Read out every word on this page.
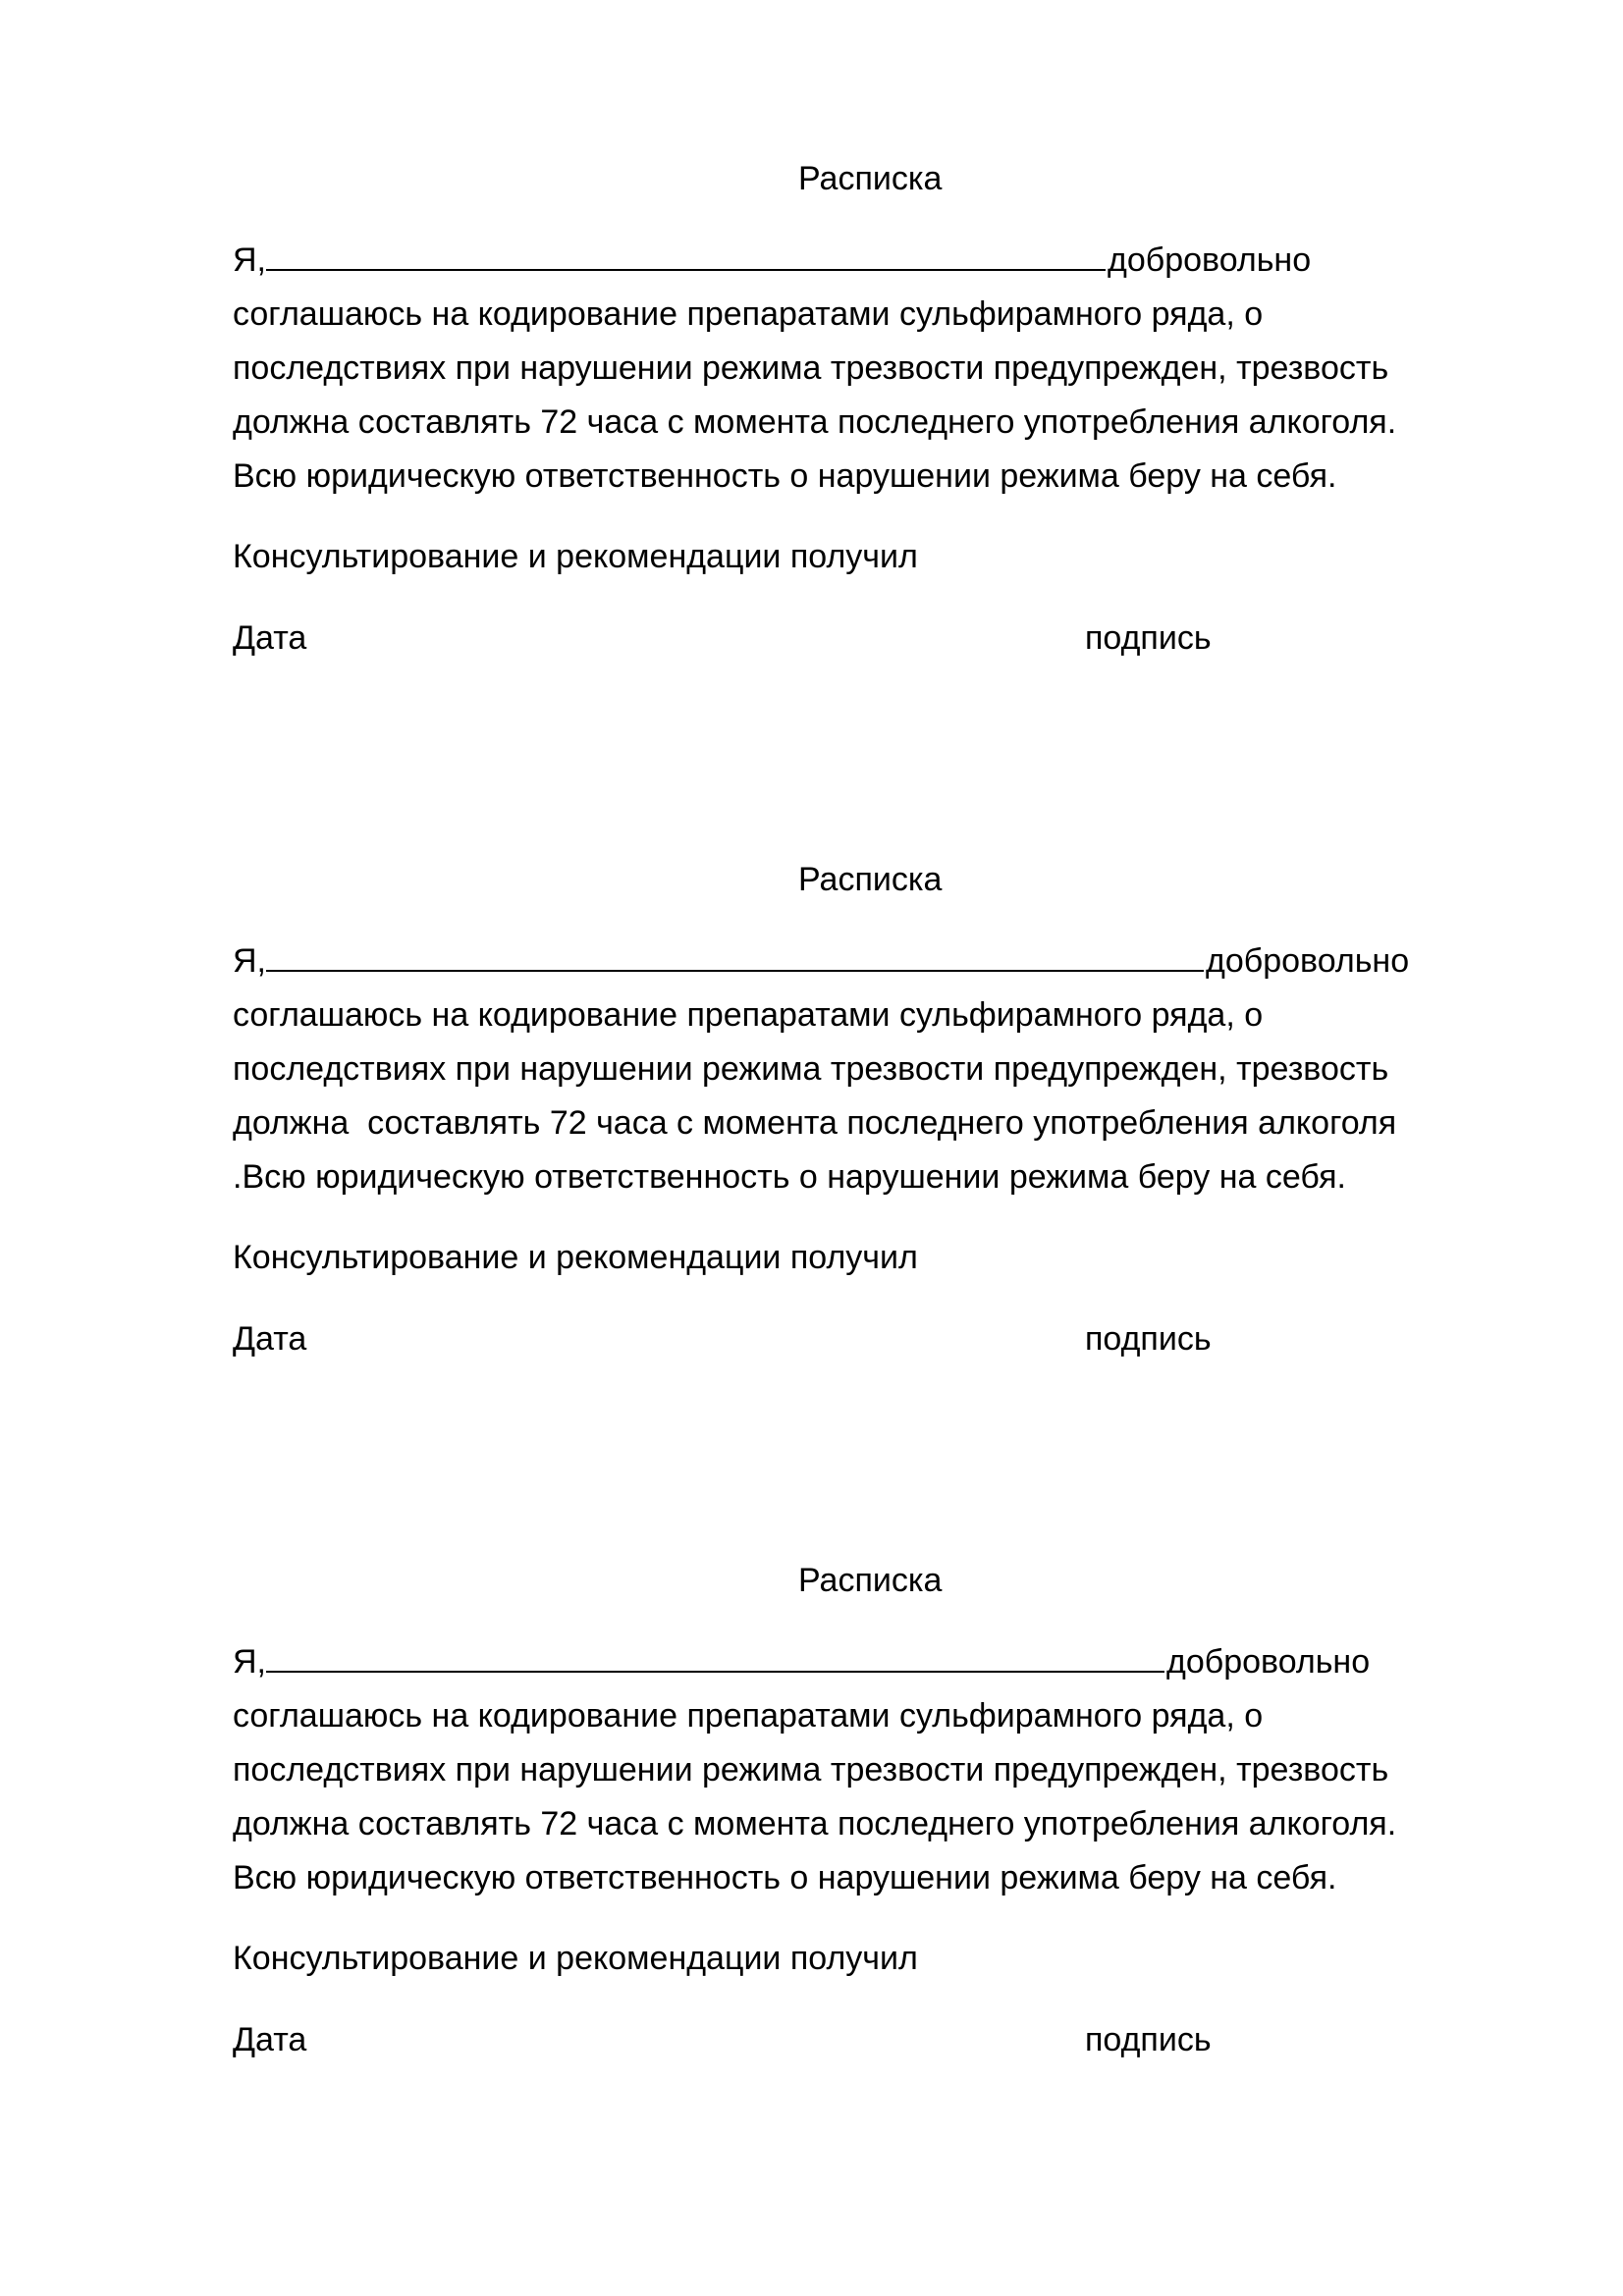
Расписка
Я,	добровольно
соглашаюсь на кодирование препаратами сульфирамного ряда, о
последствиях при нарушении режима трезвости предупрежден, трезвость
должна составлять 72 часа с момента последнего употребления алкоголя.
Всю юридическую ответственность о нарушении режима беру на себя.
Консультирование и рекомендации получил
Дата	подпись
Расписка
Я,	добровольно
соглашаюсь на кодирование препаратами сульфирамного ряда, о
последствиях при нарушении режима трезвости предупрежден, трезвость
должна  составлять 72 часа с момента последнего употребления алкоголя
.Всю юридическую ответственность о нарушении режима беру на себя.
Консультирование и рекомендации получил
Дата	подпись
Расписка
Я,	добровольно
соглашаюсь на кодирование препаратами сульфирамного ряда, о
последствиях при нарушении режима трезвости предупрежден, трезвость
должна составлять 72 часа с момента последнего употребления алкоголя.
Всю юридическую ответственность о нарушении режима беру на себя.
Консультирование и рекомендации получил
Дата	подпись
